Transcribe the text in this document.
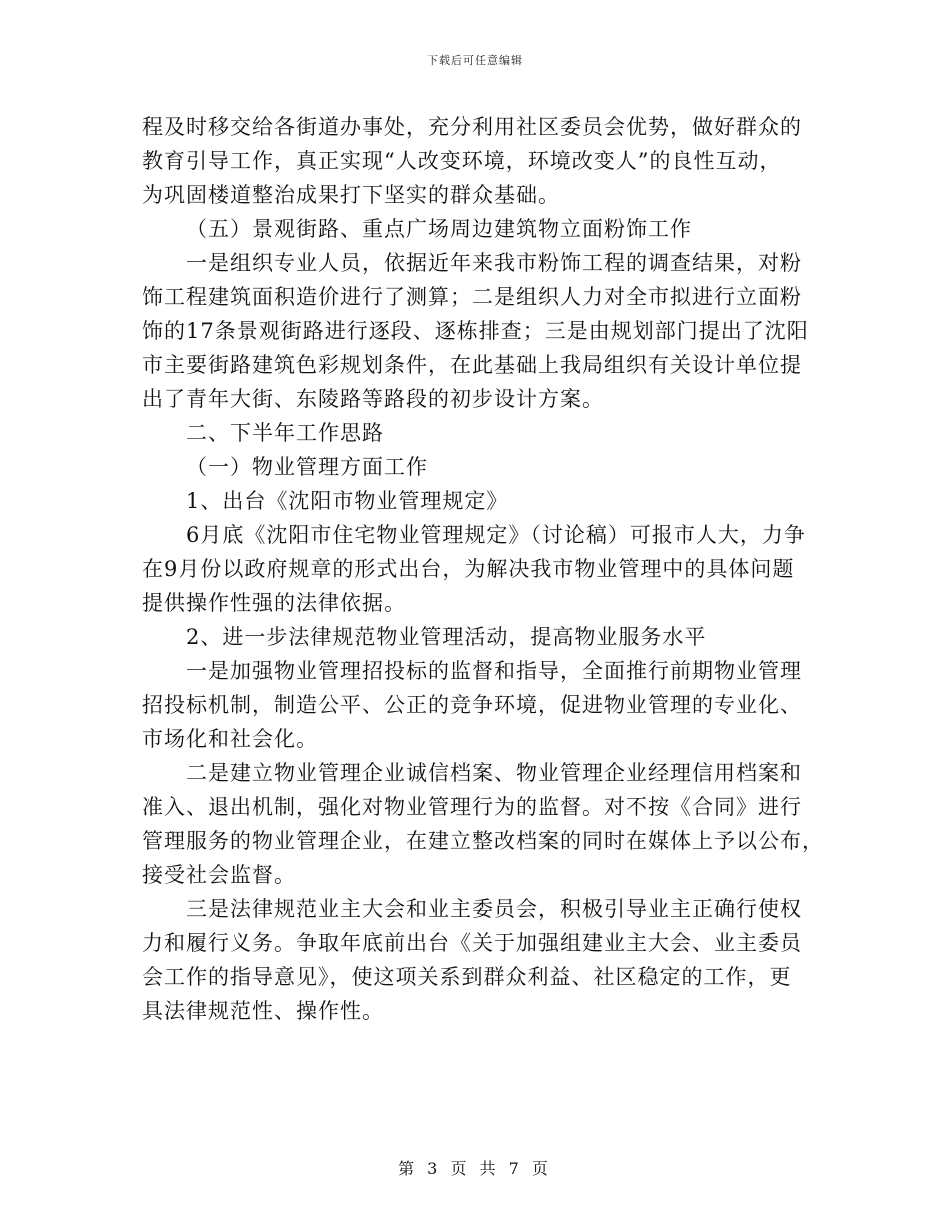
下载后可任意编辑
程及时移交给各街道办事处，充分利用社区委员会优势，做好群众的
教育引导工作，真正实现“人改变环境，环境改变人”的良性互动，
为巩固楼道整治成果打下坚实的群众基础。
（五）景观街路、重点广场周边建筑物立面粉饰工作
一是组织专业人员，依据近年来我市粉饰工程的调查结果，对粉
饰工程建筑面积造价进行了测算；二是组织人力对全市拟进行立面粉
饰的17条景观街路进行逐段、逐栋排查；三是由规划部门提出了沈阳
市主要街路建筑色彩规划条件，在此基础上我局组织有关设计单位提
出了青年大街、东陵路等路段的初步设计方案。
二、下半年工作思路
（一）物业管理方面工作
1、出台《沈阳市物业管理规定》
6月底《沈阳市住宅物业管理规定》（讨论稿）可报市人大，力争
在9月份以政府规章的形式出台，为解决我市物业管理中的具体问题
提供操作性强的法律依据。
2、进一步法律规范物业管理活动，提高物业服务水平
一是加强物业管理招投标的监督和指导，全面推行前期物业管理
招投标机制，制造公平、公正的竞争环境，促进物业管理的专业化、
市场化和社会化。
二是建立物业管理企业诚信档案、物业管理企业经理信用档案和
准入、退出机制，强化对物业管理行为的监督。对不按《合同》进行
管理服务的物业管理企业，在建立整改档案的同时在媒体上予以公布，
接受社会监督。
三是法律规范业主大会和业主委员会，积极引导业主正确行使权
力和履行义务。争取年底前出台《关于加强组建业主大会、业主委员
会工作的指导意见》，使这项关系到群众利益、社区稳定的工作，更
具法律规范性、操作性。
第 3 页 共 7 页
